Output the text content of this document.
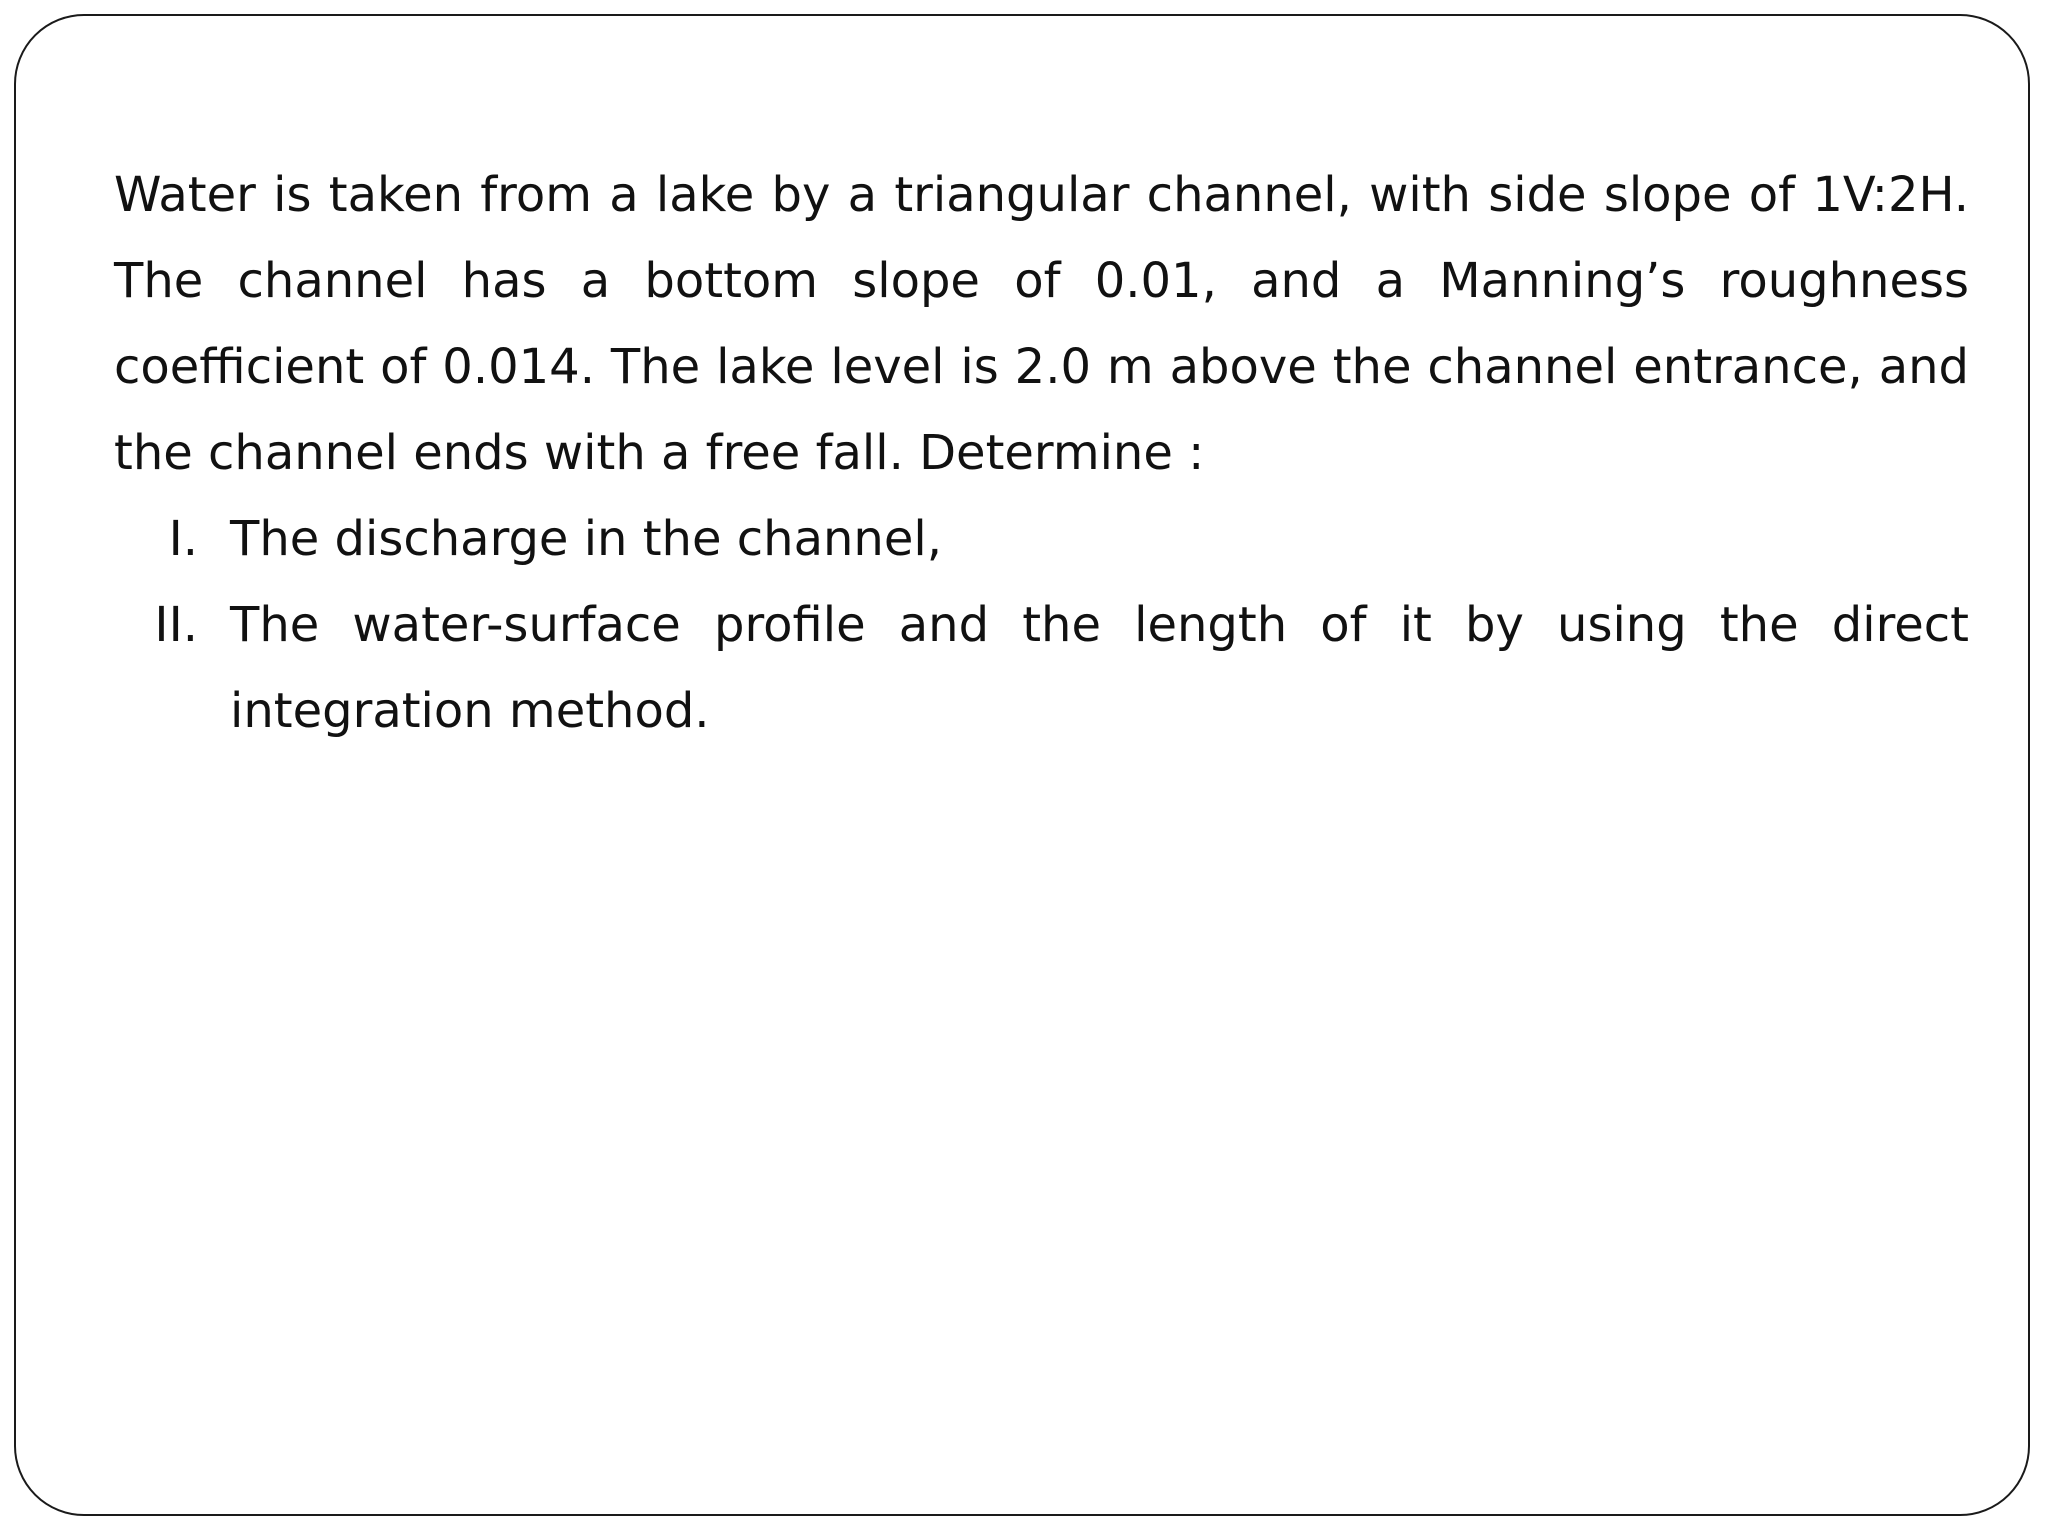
Water is taken from a lake by a triangular channel, with side slope of 1V:2H. The channel has a bottom slope of 0.01, and a Manning’s roughness coefficient of 0.014. The lake level is 2.0 m above the channel entrance, and the channel ends with a free fall. Determine :

I. The discharge in the channel,
II. The water-surface profile and the length of it by using the direct integration method.
